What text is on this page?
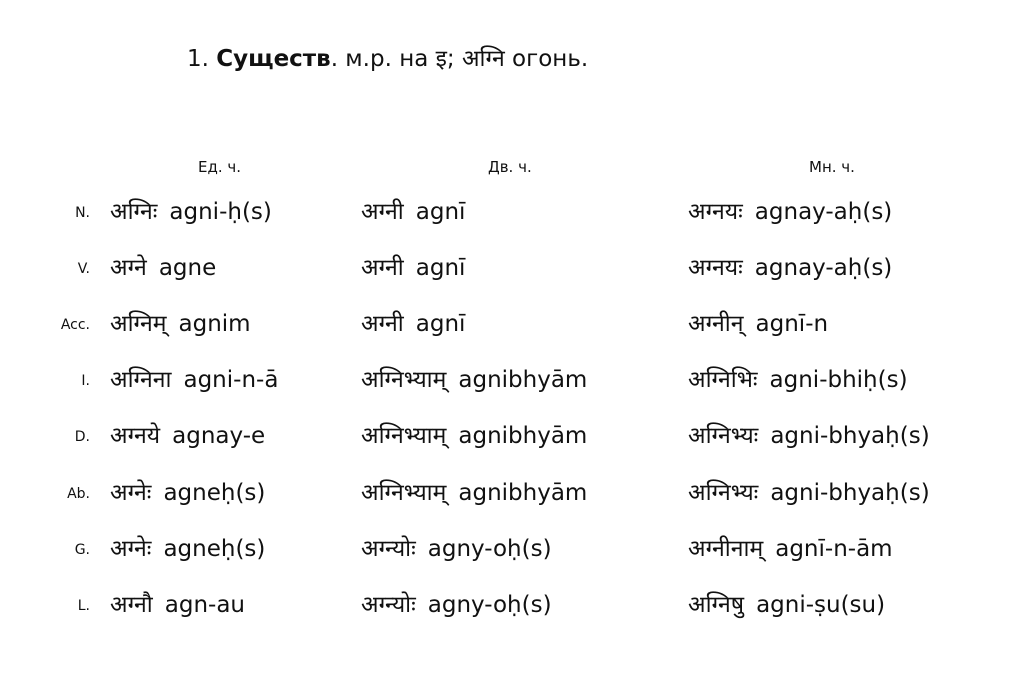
1. Существ. м.р. на इ; अग्नि огонь.
Ед. ч.	Дв. ч.	Мн. ч.
N. अग्निः agni-ḥ(s)	अग्नी agnī	अग्नयः agnay-aḥ(s)
V. अग्ने agne	अग्नी agnī	अग्नयः agnay-aḥ(s)
Acc. अग्निम् agnim	अग्नी agnī	अग्नीन् agnī-n
I. अग्निना agni-n-ā	अग्निभ्याम् agnibhyām	अग्निभिः agni-bhiḥ(s)
D. अग्नये agnay-e	अग्निभ्याम् agnibhyām	अग्निभ्यः agni-bhyaḥ(s)
Ab. अग्नेः agneḥ(s)	अग्निभ्याम् agnibhyām	अग्निभ्यः agni-bhyaḥ(s)
G. अग्नेः agneḥ(s)	अग्न्योः agny-oḥ(s)	अग्नीनाम् agnī-n-ām
L. अग्नौ agn-au	अग्न्योः agny-oḥ(s)	अग्निषु agni-ṣu(su)
